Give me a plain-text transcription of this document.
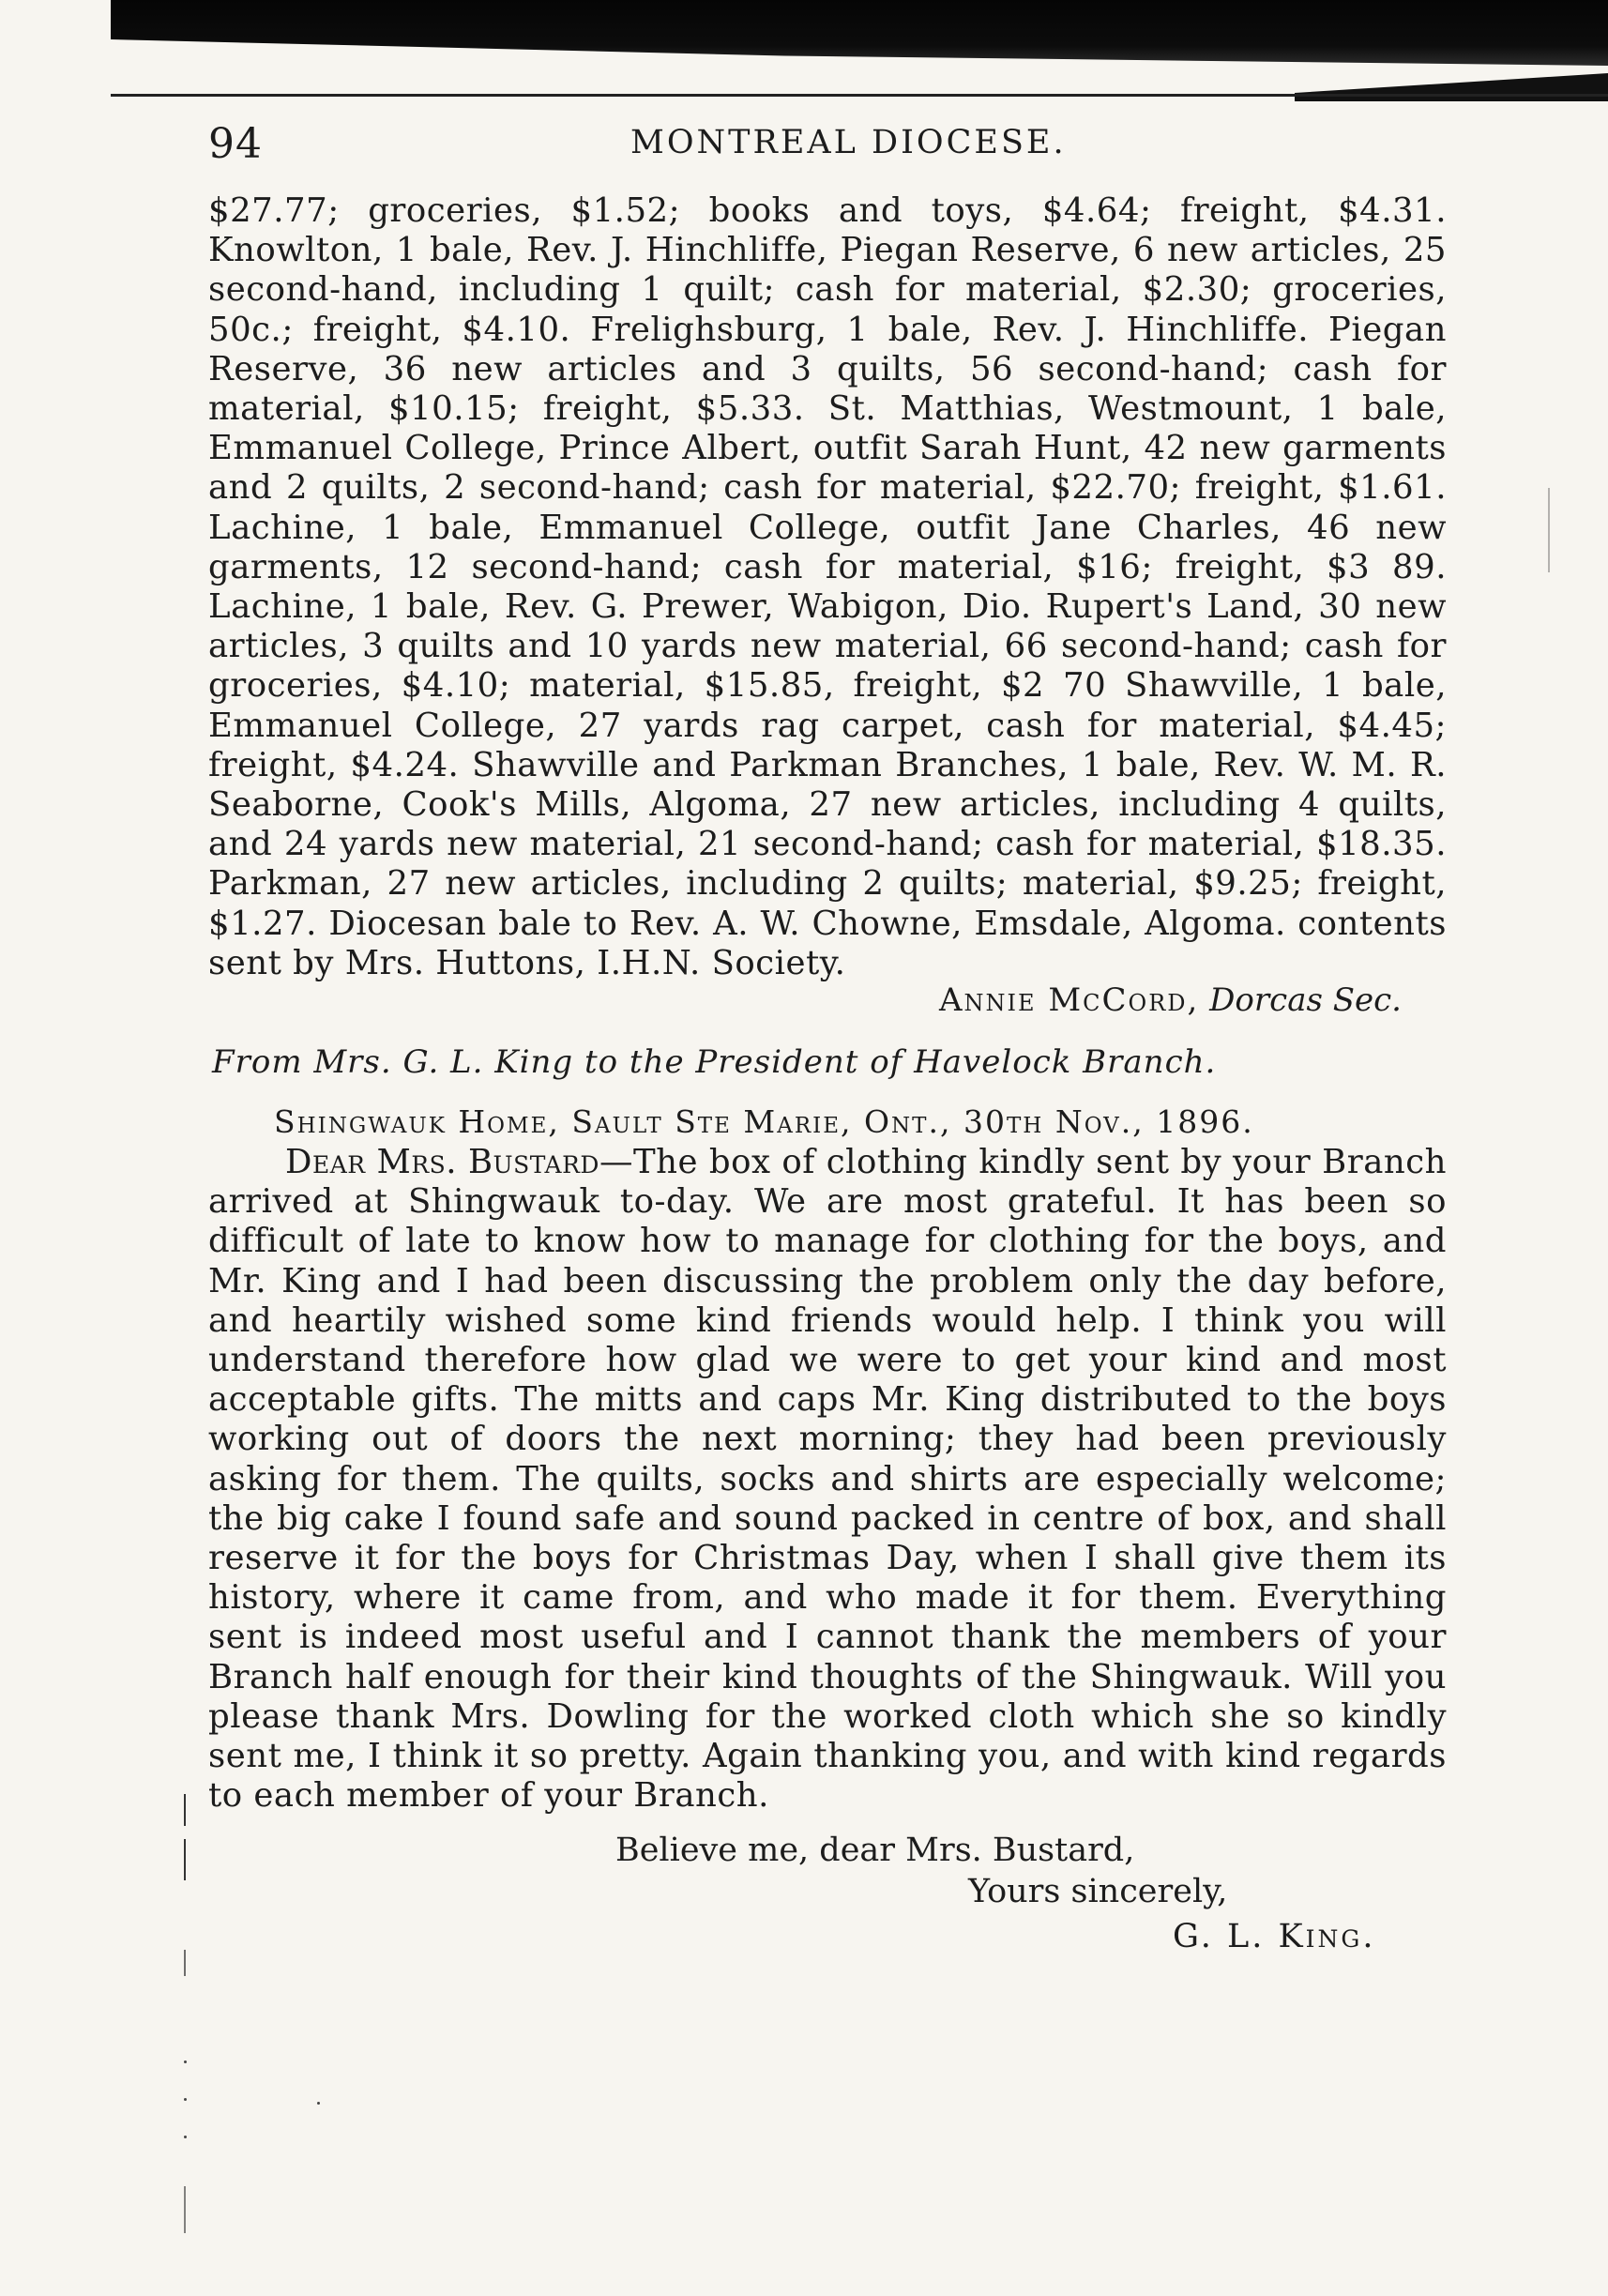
94	MONTREAL DIOCESE.

$27.77; groceries, $1.52; books and toys, $4.64; freight, $4.31. Knowlton, 1 bale, Rev. J. Hinchliffe, Piegan Reserve, 6 new articles, 25 second-hand, including 1 quilt; cash for material, $2.30; groceries, 50c.; freight, $4.10. Frelighsburg, 1 bale, Rev. J. Hinchliffe. Piegan Reserve, 36 new articles and 3 quilts, 56 second-hand; cash for material, $10.15; freight, $5.33. St. Matthias, Westmount, 1 bale, Emmanuel College, Prince Albert, outfit Sarah Hunt, 42 new garments and 2 quilts, 2 second-hand; cash for material, $22.70; freight, $1.61. Lachine, 1 bale, Emmanuel College, outfit Jane Charles, 46 new garments, 12 second-hand; cash for material, $16; freight, $3 89. Lachine, 1 bale, Rev. G. Prewer, Wabigon, Dio. Rupert's Land, 30 new articles, 3 quilts and 10 yards new material, 66 second-hand; cash for groceries, $4.10; material, $15.85, freight, $2 70 Shawville, 1 bale, Emmanuel College, 27 yards rag carpet, cash for material, $4.45; freight, $4.24. Shawville and Parkman Branches, 1 bale, Rev. W. M. R. Seaborne, Cook's Mills, Algoma, 27 new articles, including 4 quilts, and 24 yards new material, 21 second-hand; cash for material, $18.35. Parkman, 27 new articles, including 2 quilts; material, $9.25; freight, $1.27. Diocesan bale to Rev. A. W. Chowne, Emsdale, Algoma. contents sent by Mrs. Huttons, I.H.N. Society.

Annie McCord, Dorcas Sec.
From Mrs. G. L. King to the President of Havelock Branch.
Shingwauk Home, Sault Ste Marie, Ont., 30th Nov., 1896.

Dear Mrs. Bustard—The box of clothing kindly sent by your Branch arrived at Shingwauk to-day. We are most grateful. It has been so difficult of late to know how to manage for clothing for the boys, and Mr. King and I had been discussing the problem only the day before, and heartily wished some kind friends would help. I think you will understand therefore how glad we were to get your kind and most acceptable gifts. The mitts and caps Mr. King distributed to the boys working out of doors the next morning; they had been previously asking for them. The quilts, socks and shirts are especially welcome; the big cake I found safe and sound packed in centre of box, and shall reserve it for the boys for Christmas Day, when I shall give them its history, where it came from, and who made it for them. Everything sent is indeed most useful and I cannot thank the members of your Branch half enough for their kind thoughts of the Shingwauk. Will you please thank Mrs. Dowling for the worked cloth which she so kindly sent me, I think it so pretty. Again thanking you, and with kind regards to each member of your Branch.

Believe me, dear Mrs. Bustard,
Yours sincerely,
G. L. King.
